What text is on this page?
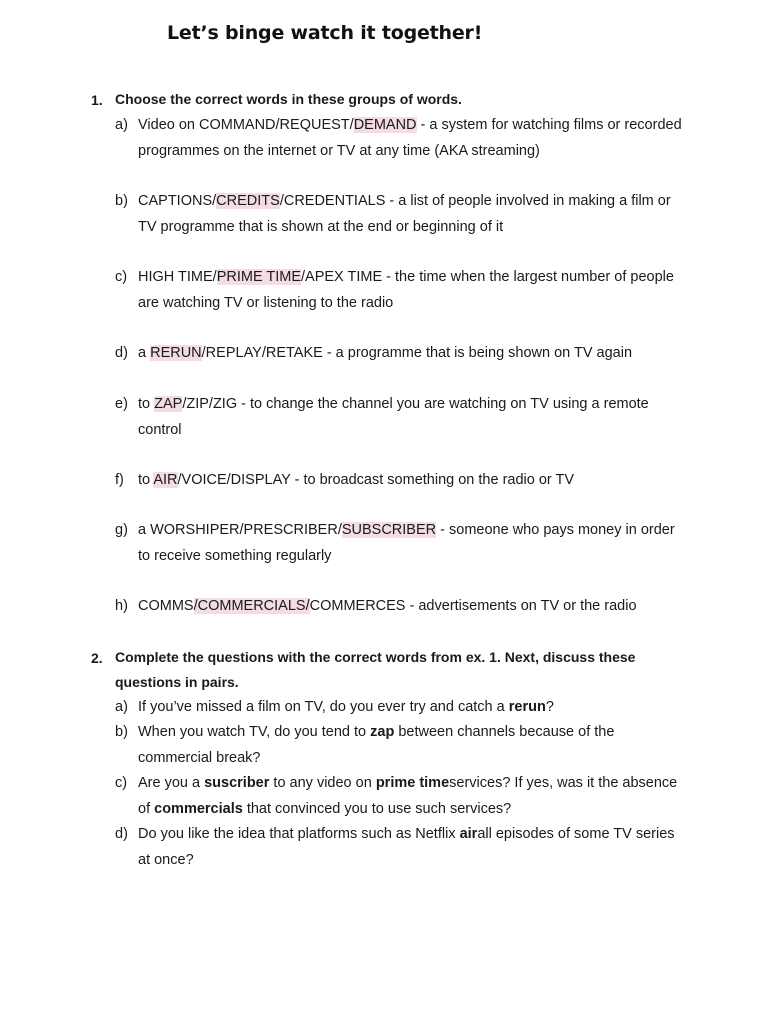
Let’s binge watch it together!
1. Choose the correct words in these groups of words.
a) Video on COMMAND/REQUEST/DEMAND - a system for watching films or recorded programmes on the internet or TV at any time (AKA streaming)
b) CAPTIONS/CREDITS/CREDENTIALS - a list of people involved in making a film or TV programme that is shown at the end or beginning of it
c) HIGH TIME/PRIME TIME/APEX TIME - the time when the largest number of people are watching TV or listening to the radio
d) a RERUN/REPLAY/RETAKE - a programme that is being shown on TV again
e) to ZAP/ZIP/ZIG - to change the channel you are watching on TV using a remote control
f) to AIR/VOICE/DISPLAY - to broadcast something on the radio or TV
g) a WORSHIPER/PRESCRIBER/SUBSCRIBER - someone who pays money in order to receive something regularly
h) COMMS/COMMERCIALS/COMMERCES - advertisements on TV or the radio
2. Complete the questions with the correct words from ex. 1. Next, discuss these questions in pairs.
a) If you’ve missed a film on TV, do you ever try and catch a rerun?
b) When you watch TV, do you tend to zap between channels because of the commercial break?
c) Are you a suscriber to any video on prime timeservices? If yes, was it the absence of commercials that convinced you to use such services?
d) Do you like the idea that platforms such as Netflix airall episodes of some TV series at once?
